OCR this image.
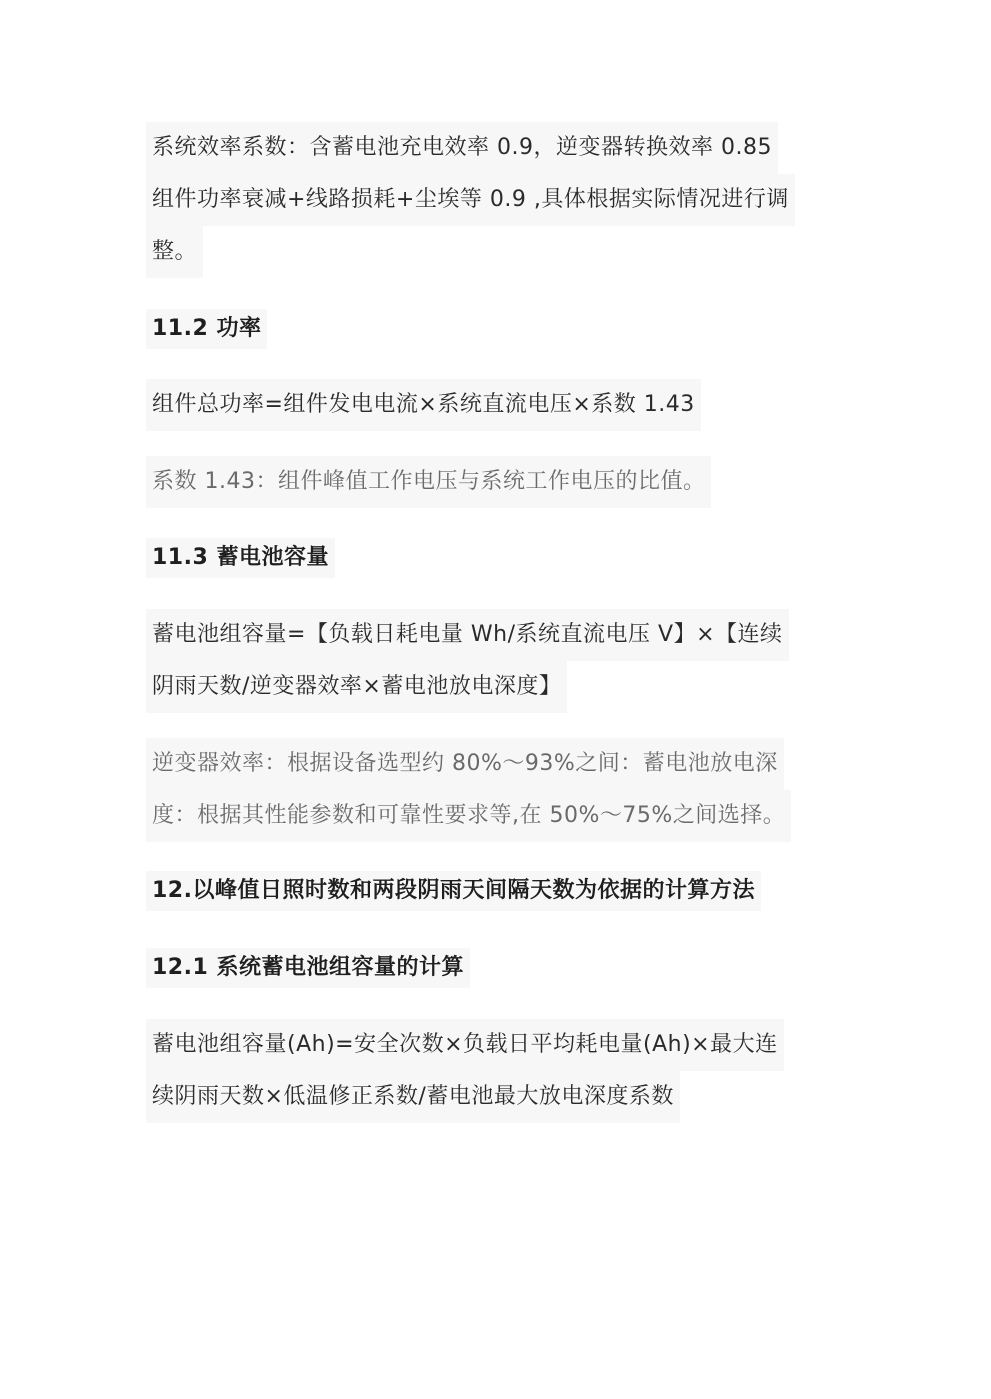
系统效率系数：含蓄电池充电效率 0.9，逆变器转换效率 0.85
组件功率衰减+线路损耗+尘埃等 0.9 ,具体根据实际情况进行调
整。
11.2 功率
组件总功率=组件发电电流×系统直流电压×系数 1.43
系数 1.43：组件峰值工作电压与系统工作电压的比值。
11.3 蓄电池容量
蓄电池组容量=【负载日耗电量 Wh/系统直流电压 V】×【连续
阴雨天数/逆变器效率×蓄电池放电深度】
逆变器效率：根据设备选型约 80%～93%之间：蓄电池放电深
度：根据其性能参数和可靠性要求等,在 50%～75%之间选择。
12.以峰值日照时数和两段阴雨天间隔天数为依据的计算方法
12.1 系统蓄电池组容量的计算
蓄电池组容量(Ah)=安全次数×负载日平均耗电量(Ah)×最大连
续阴雨天数×低温修正系数/蓄电池最大放电深度系数
